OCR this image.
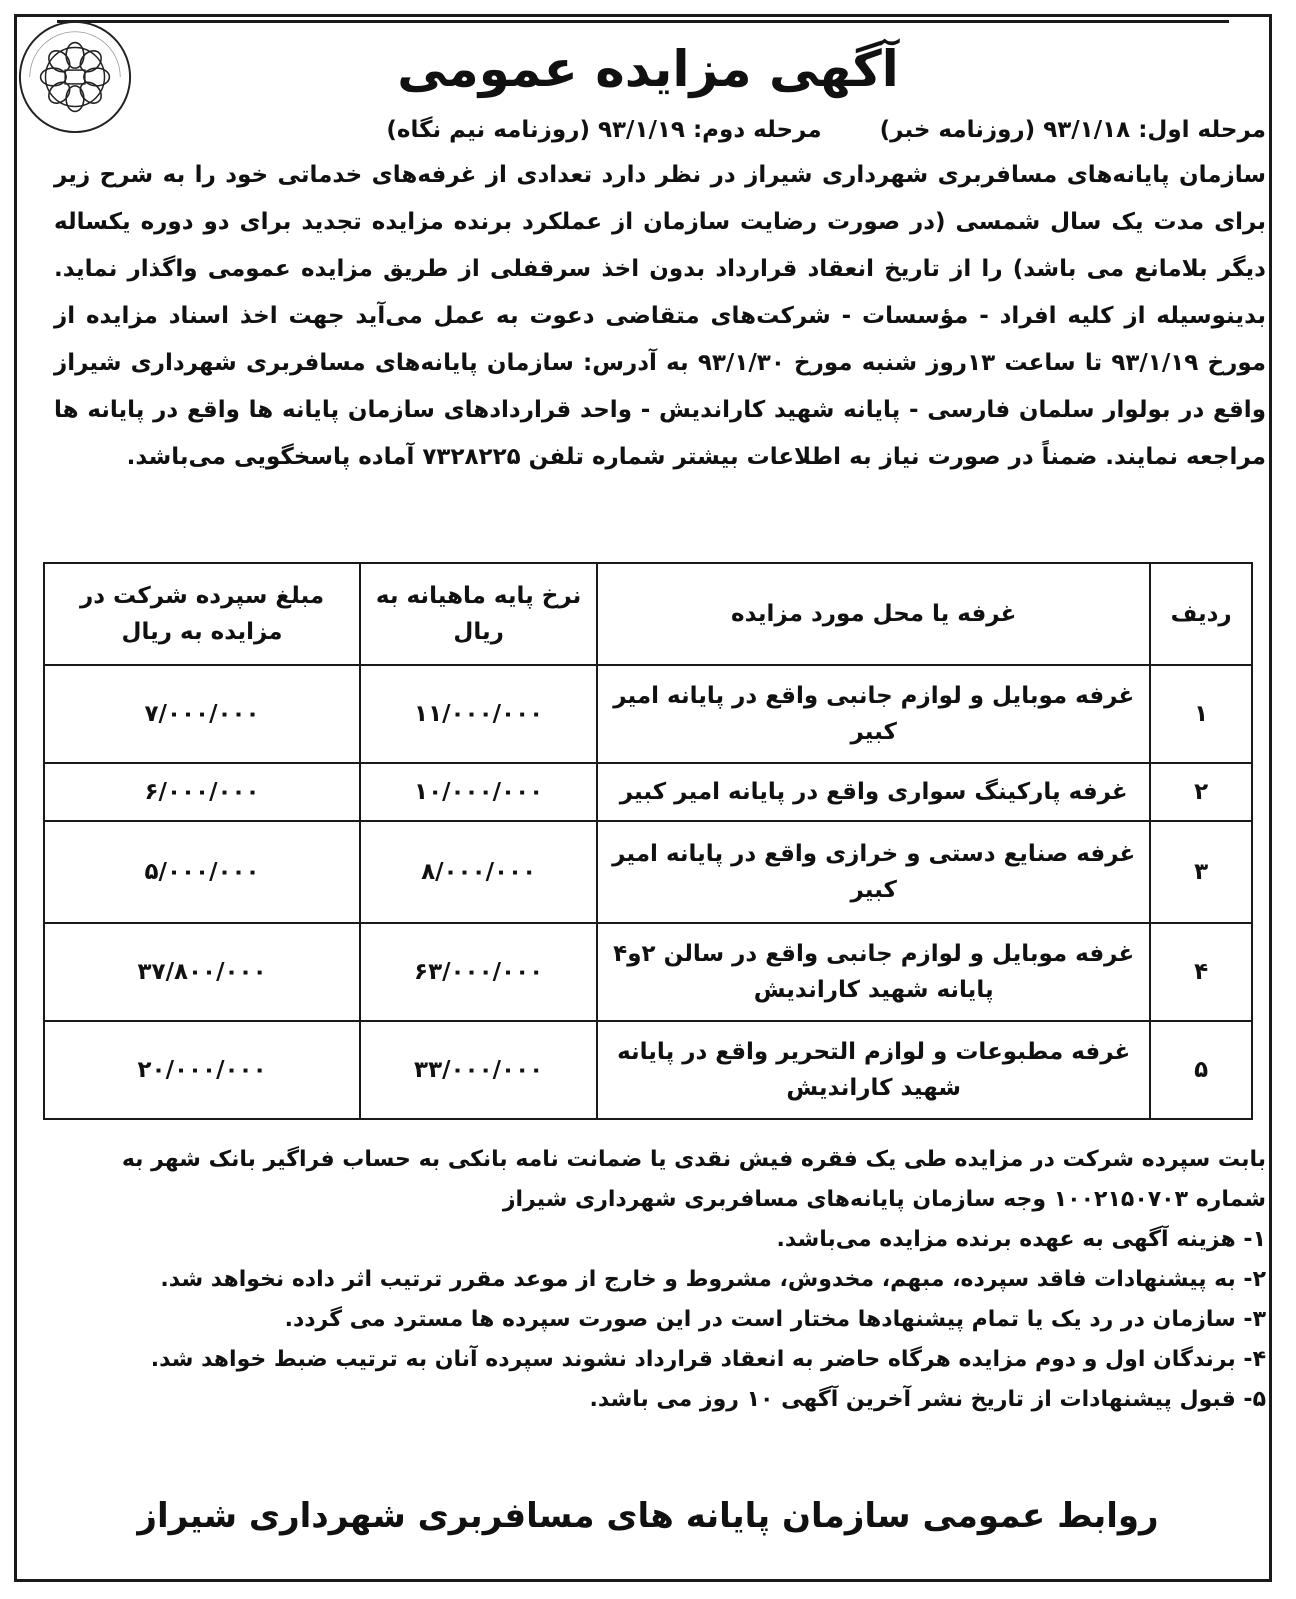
آگهی مزایده عمومی
مرحله اول: ۹۳/۱/۱۸ (روزنامه خبر) مرحله دوم: ۹۳/۱/۱۹ (روزنامه نیم نگاه)
سازمان پایانه‌های مسافربری شهرداری شیراز در نظر دارد تعدادی از غرفه‌های خدماتی خود را به شرح زیر برای مدت یک سال شمسی (در صورت رضایت سازمان از عملکرد برنده مزایده تجدید برای دو دوره یکساله دیگر بلامانع می باشد) را از تاریخ انعقاد قرارداد بدون اخذ سرقفلی از طریق مزایده عمومی واگذار نماید. بدینوسیله از کلیه افراد - مؤسسات - شرکت‌های متقاضی دعوت به عمل می‌آید جهت اخذ اسناد مزایده از مورخ ۹۳/۱/۱۹ تا ساعت ۱۳روز شنبه مورخ ۹۳/۱/۳۰ به آدرس: سازمان پایانه‌های مسافربری شهرداری شیراز واقع در بولوار سلمان فارسی - پایانه شهید کاراندیش - واحد قراردادهای سازمان پایانه ها واقع در پایانه ها مراجعه نمایند. ضمناً در صورت نیاز به اطلاعات بیشتر شماره تلفن ۷۳۲۸۲۲۵ آماده پاسخگویی می‌باشد.
ردیف	غرفه یا محل مورد مزایده	نرخ پایه ماهیانه به ریال	مبلغ سپرده شرکت در مزایده به ریال
۱	غرفه موبایل و لوازم جانبی واقع در پایانه امیر کبیر	۱۱/۰۰۰/۰۰۰	۷/۰۰۰/۰۰۰
۲	غرفه پارکینگ سواری واقع در پایانه امیر کبیر	۱۰/۰۰۰/۰۰۰	۶/۰۰۰/۰۰۰
۳	غرفه صنایع دستی و خرازی واقع در پایانه امیر کبیر	۸/۰۰۰/۰۰۰	۵/۰۰۰/۰۰۰
۴	غرفه موبایل و لوازم جانبی واقع در سالن ۲و۴ پایانه شهید کاراندیش	۶۳/۰۰۰/۰۰۰	۳۷/۸۰۰/۰۰۰
۵	غرفه مطبوعات و لوازم التحریر واقع در پایانه شهید کاراندیش	۳۳/۰۰۰/۰۰۰	۲۰/۰۰۰/۰۰۰

بابت سپرده شرکت در مزایده طی یک فقره فیش نقدی یا ضمانت نامه بانکی به حساب فراگیر بانک شهر به شماره ۱۰۰۲۱۵۰۷۰۳ وجه سازمان پایانه‌های مسافربری شهرداری شیراز

۱- هزینه آگهی به عهده برنده مزایده می‌باشد.

۲- به پیشنهادات فاقد سپرده، مبهم، مخدوش، مشروط و خارج از موعد مقرر ترتیب اثر داده نخواهد شد.

۳- سازمان در رد یک یا تمام پیشنهادها مختار است در این صورت سپرده ها مسترد می گردد.

۴- برندگان اول و دوم مزایده هرگاه حاضر به انعقاد قرارداد نشوند سپرده آنان به ترتیب ضبط خواهد شد.

۵- قبول پیشنهادات از تاریخ نشر آخرین آگهی ۱۰ روز می باشد.

روابط عمومی سازمان پایانه های مسافربری شهرداری شیراز
